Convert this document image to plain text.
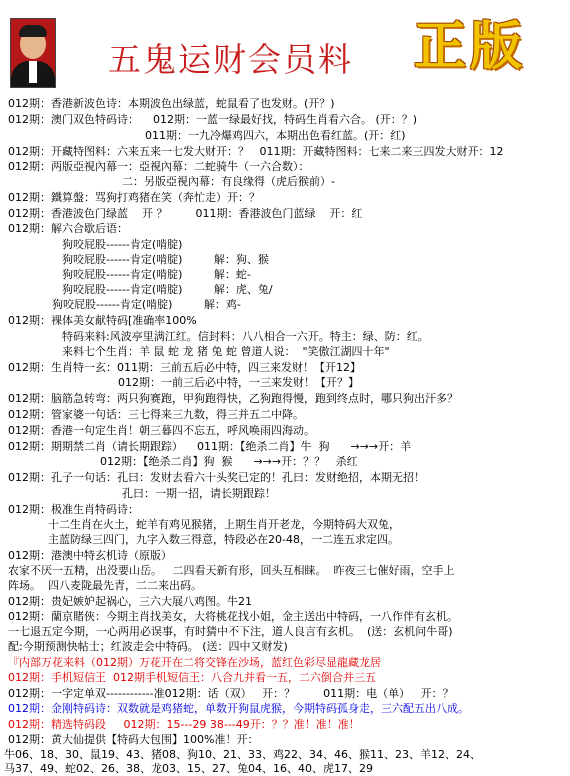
五鬼运财会员料 正版
012期：香港新波色诗：本期波色出绿蓝，蛇鼠看了也发财。(开？)
012期：澳门双色特码诗：    012期：一蓝一绿最好找，特码生肖看六合。 (开：？)
011期：一九冷爆鸡四六，本期出色看红蓝。(开：红)
012期：开藏特图料：六来五来一七发大财开：？   011期：开藏特图料：七来二来三四发大财开：12
012期：两版亞視內幕一：亞視內幕：二蛇骑牛（一六合数）：
二：另版亞視內幕：有良缘得（虎后猴前）-
012期：鐵算盤：骂狗打鸡猪在笑（奔忙走）开：？
012期：香港波色门绿蓝    开 ？        011期：香港波色门蓝绿    开：红
012期：解六合歇后语：
狗咬屁股------肯定(啃腚)
狗咬屁股------肯定(啃腚)         解：狗、猴
狗咬屁股------肯定(啃腚)         解：蛇-
狗咬屁股------肯定(啃腚)         解：虎、兔/
狗咬屁股------肯定(啃腚)         解：鸡-
012期：裸体美女献特码[准确率100%
特码来料:风波亭里满江红。信封料：八八相合一六开。特主：绿、防：红。
来料七个生肖：羊 鼠 蛇 龙 猪 兔 蛇 曾道人说：  "笑傲江湖四十年"
012期：生肖特一玄：011期：三前五后必中特，四三来发财！【开12】
012期：一前三后必中特，一三来发财！【开？】
012期：脑筋急转弯：两只狗赛跑，甲狗跑得快，乙狗跑得慢，跑到终点时，哪只狗出汗多？
012期：管家婆一句话：三七得来三九数，得三并五二中降。
012期：香港一句定生肖！朝三暮四不忘五，呼风唤雨四海动。
012期：期期禁二肖（请长期跟踪）    011期：【绝杀二肖】牛  狗      →→→开：羊
012期：【绝杀二肖】狗  猴      →→→开：？？   杀红
012期：孔子一句话：孔曰：发财去看六十头奖已定的！孔曰：发财绝招，本期无招！
孔曰：一期一招，请长期跟踪！
012期：极准生肖特码诗：
十二生肖在火土，蛇羊有鸡见猴猪，上期生肖开老龙，今期特码大双兔，
主蓝防绿三四门，九字入数三得意，特段必在20-48，一二连五求定四。
012期：港澳中特玄机诗（原版）
农家不厌一五精，出没要山岳。   二四看天新有形，回头互相睐。  昨夜三七催好雨，空手上
阵场。  四八麦陇最先青，二二来出码。
012期：贵妃嫉妒起祸心，三六大展八鸡图。牛21
012期：蘭京賭俠：今期主肖找美女，大将桃花找小姐，金主送出中特码，一八作伴有玄机。
一七退五定今期，一心两用必误事，有时猜中不下注，道人良言有玄机。  (送：玄机问牛哥)
配:今期预测快帖士；红波走会中特码。 (送：四中又财发)
『内部万花来料（012期）万花开在二将交锋在沙场，蓝红色彩尽显龍藏龙居
012期：手机短信王  012期手机短信王：八合九并看一五，二六倒合并三五
012期：一字定单双------------准012期：话（双）   开：？        011期：电（单）   开：？
012期：金刚特码诗：双数就是鸡猪蛇，单数开狗鼠虎猴，今期特码孤身走，三六配五出八成。
012期：精选特码段     012期：15---29 38---49开：？？准！准！准！
012期：黄大仙提供【特码大包围】100%准！开：
牛06、18、30、鼠19、43、猪08、狗10、21、33、鸡22、34、46、猴11、23、羊12、24、
马37、49、蛇02、26、38、龙03、15、27、兔04、16、40、虎17、29
